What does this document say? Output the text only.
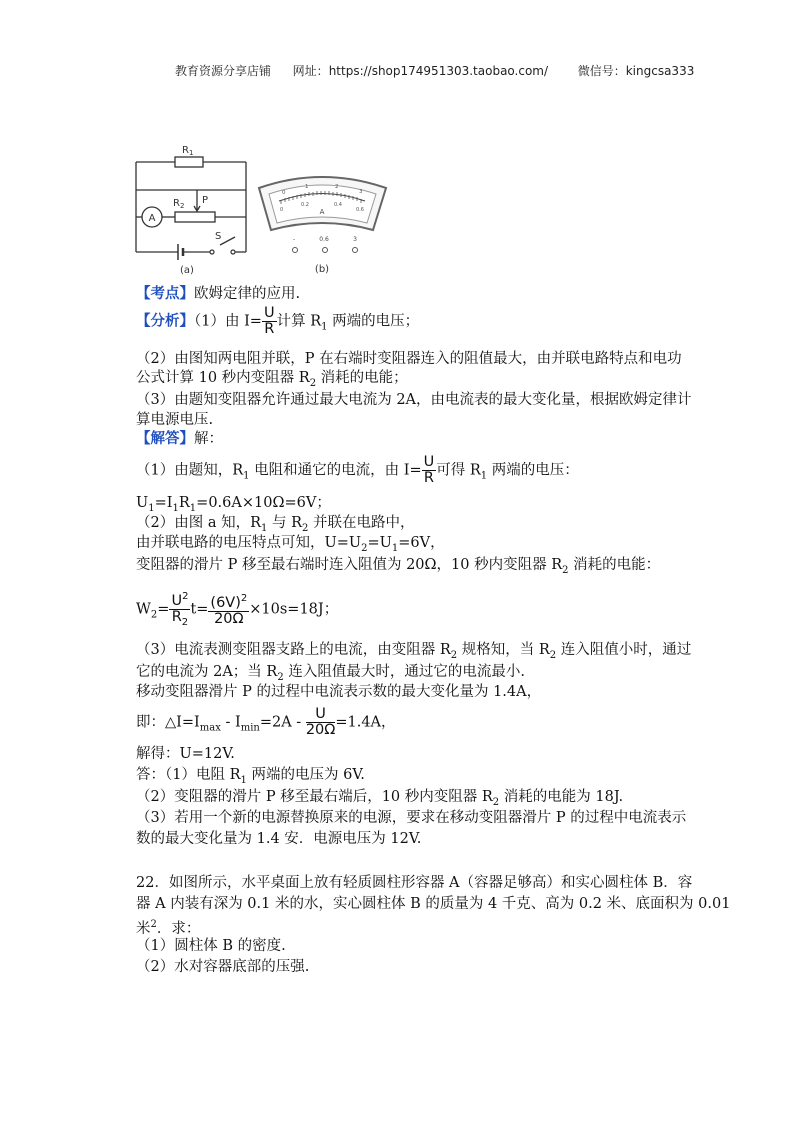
教育资源分享店铺 网址：https://shop174951303.taobao.com/ 微信号：kingcsa333
$R_1$
$R_2$ P
A
S
(a)
0 1	2 3
0 0.2	0.4 0.6
A
-	0.6	3
(b)
【考点】欧姆定律的应用.
【分析】（1）由 $I= \frac{U}{R}$ 计算 $R_1$ 两端的电压；
（2）由图知两电阻并联，P 在右端时变阻器连入的阻值最大，由并联电路特点和电功
公式计算 10 秒内变阻器 $R_2$ 消耗的电能；
（3）由题知变阻器允许通过最大电流为 2A，由电流表的最大变化量，根据欧姆定律计
算电源电压.
【解答】解：
（1）由题知，$R_1$ 电阻和通它的电流，由 $I= \frac{U}{R}$ 可得 $R_1$ 两端的电压：
$U_1=I_1R_1=0.6A\times 10\Omega=6V$；
（2）由图 a 知，$R_1$ 与 $R_2$ 并联在电路中，
由并联电路的电压特点可知，$U=U_2=U_1=6V$，
变阻器的滑片 P 移至最右端时连入阻值为 20Ω，10 秒内变阻器 $R_2$ 消耗的电能：
$W_2= \frac{U^2}{R_2} t= \frac{(6V)^2}{20\Omega} \times 10s=18J$；
（3）电流表测变阻器支路上的电流，由变阻器 $R_2$ 规格知，当 $R_2$ 连入阻值小时，通过
它的电流为 2A；当 $R_2$ 连入阻值最大时，通过它的电流最小.
移动变阻器滑片 P 的过程中电流表示数的最大变化量为 1.4A，
即：$\triangle I=I_{max} - I_{min}=2A - \frac{U}{20\Omega} =1.4A$，
解得：U=12V.
答：（1）电阻 $R_1$ 两端的电压为 6V.
（2）变阻器的滑片 P 移至最右端后，10 秒内变阻器 $R_2$ 消耗的电能为 18J.
（3）若用一个新的电源替换原来的电源，要求在移动变阻器滑片 P 的过程中电流表示
数的最大变化量为 1.4 安．电源电压为 12V.
22．如图所示，水平桌面上放有轻质圆柱形容器 A（容器足够高）和实心圆柱体 B．容
器 A 内装有深为 0.1 米的水，实心圆柱体 B 的质量为 4 千克、高为 0.2 米、底面积为 0.01
米$^2$．求：
（1）圆柱体 B 的密度.
（2）水对容器底部的压强.
